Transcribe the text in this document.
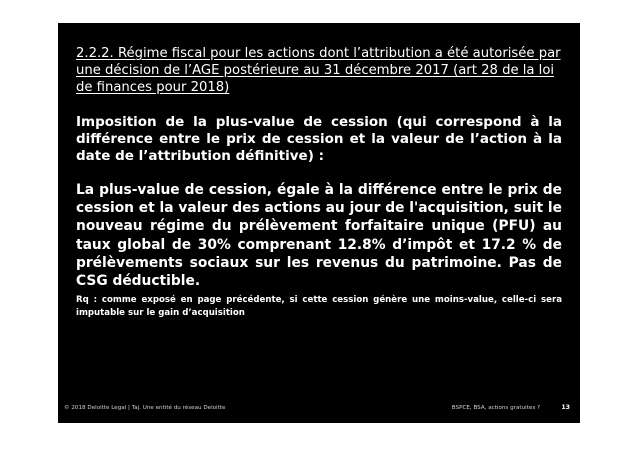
2.2.2. Régime fiscal pour les actions dont l’attribution a été autorisée par une décision de l’AGE postérieure au 31 décembre 2017 (art 28 de la loi de finances pour 2018)

Imposition de la plus-value de cession (qui correspond à la différence entre le prix de cession et la valeur de l’action à la date de l’attribution définitive) :

La plus-value de cession, égale à la différence entre le prix de cession et la valeur des actions au jour de l'acquisition, suit le nouveau régime du prélèvement forfaitaire unique (PFU) au taux global de 30% comprenant 12.8% d’impôt et 17.2 % de prélèvements sociaux sur les revenus du patrimoine. Pas de CSG déductible.

Rq : comme exposé en page précédente, si cette cession génère une moins-value, celle-ci sera imputable sur le gain d’acquisition

© 2018 Deloitte Legal | Taj. Une entité du réseau Deloitte	BSPCE, BSA, actions gratuites ?	13
